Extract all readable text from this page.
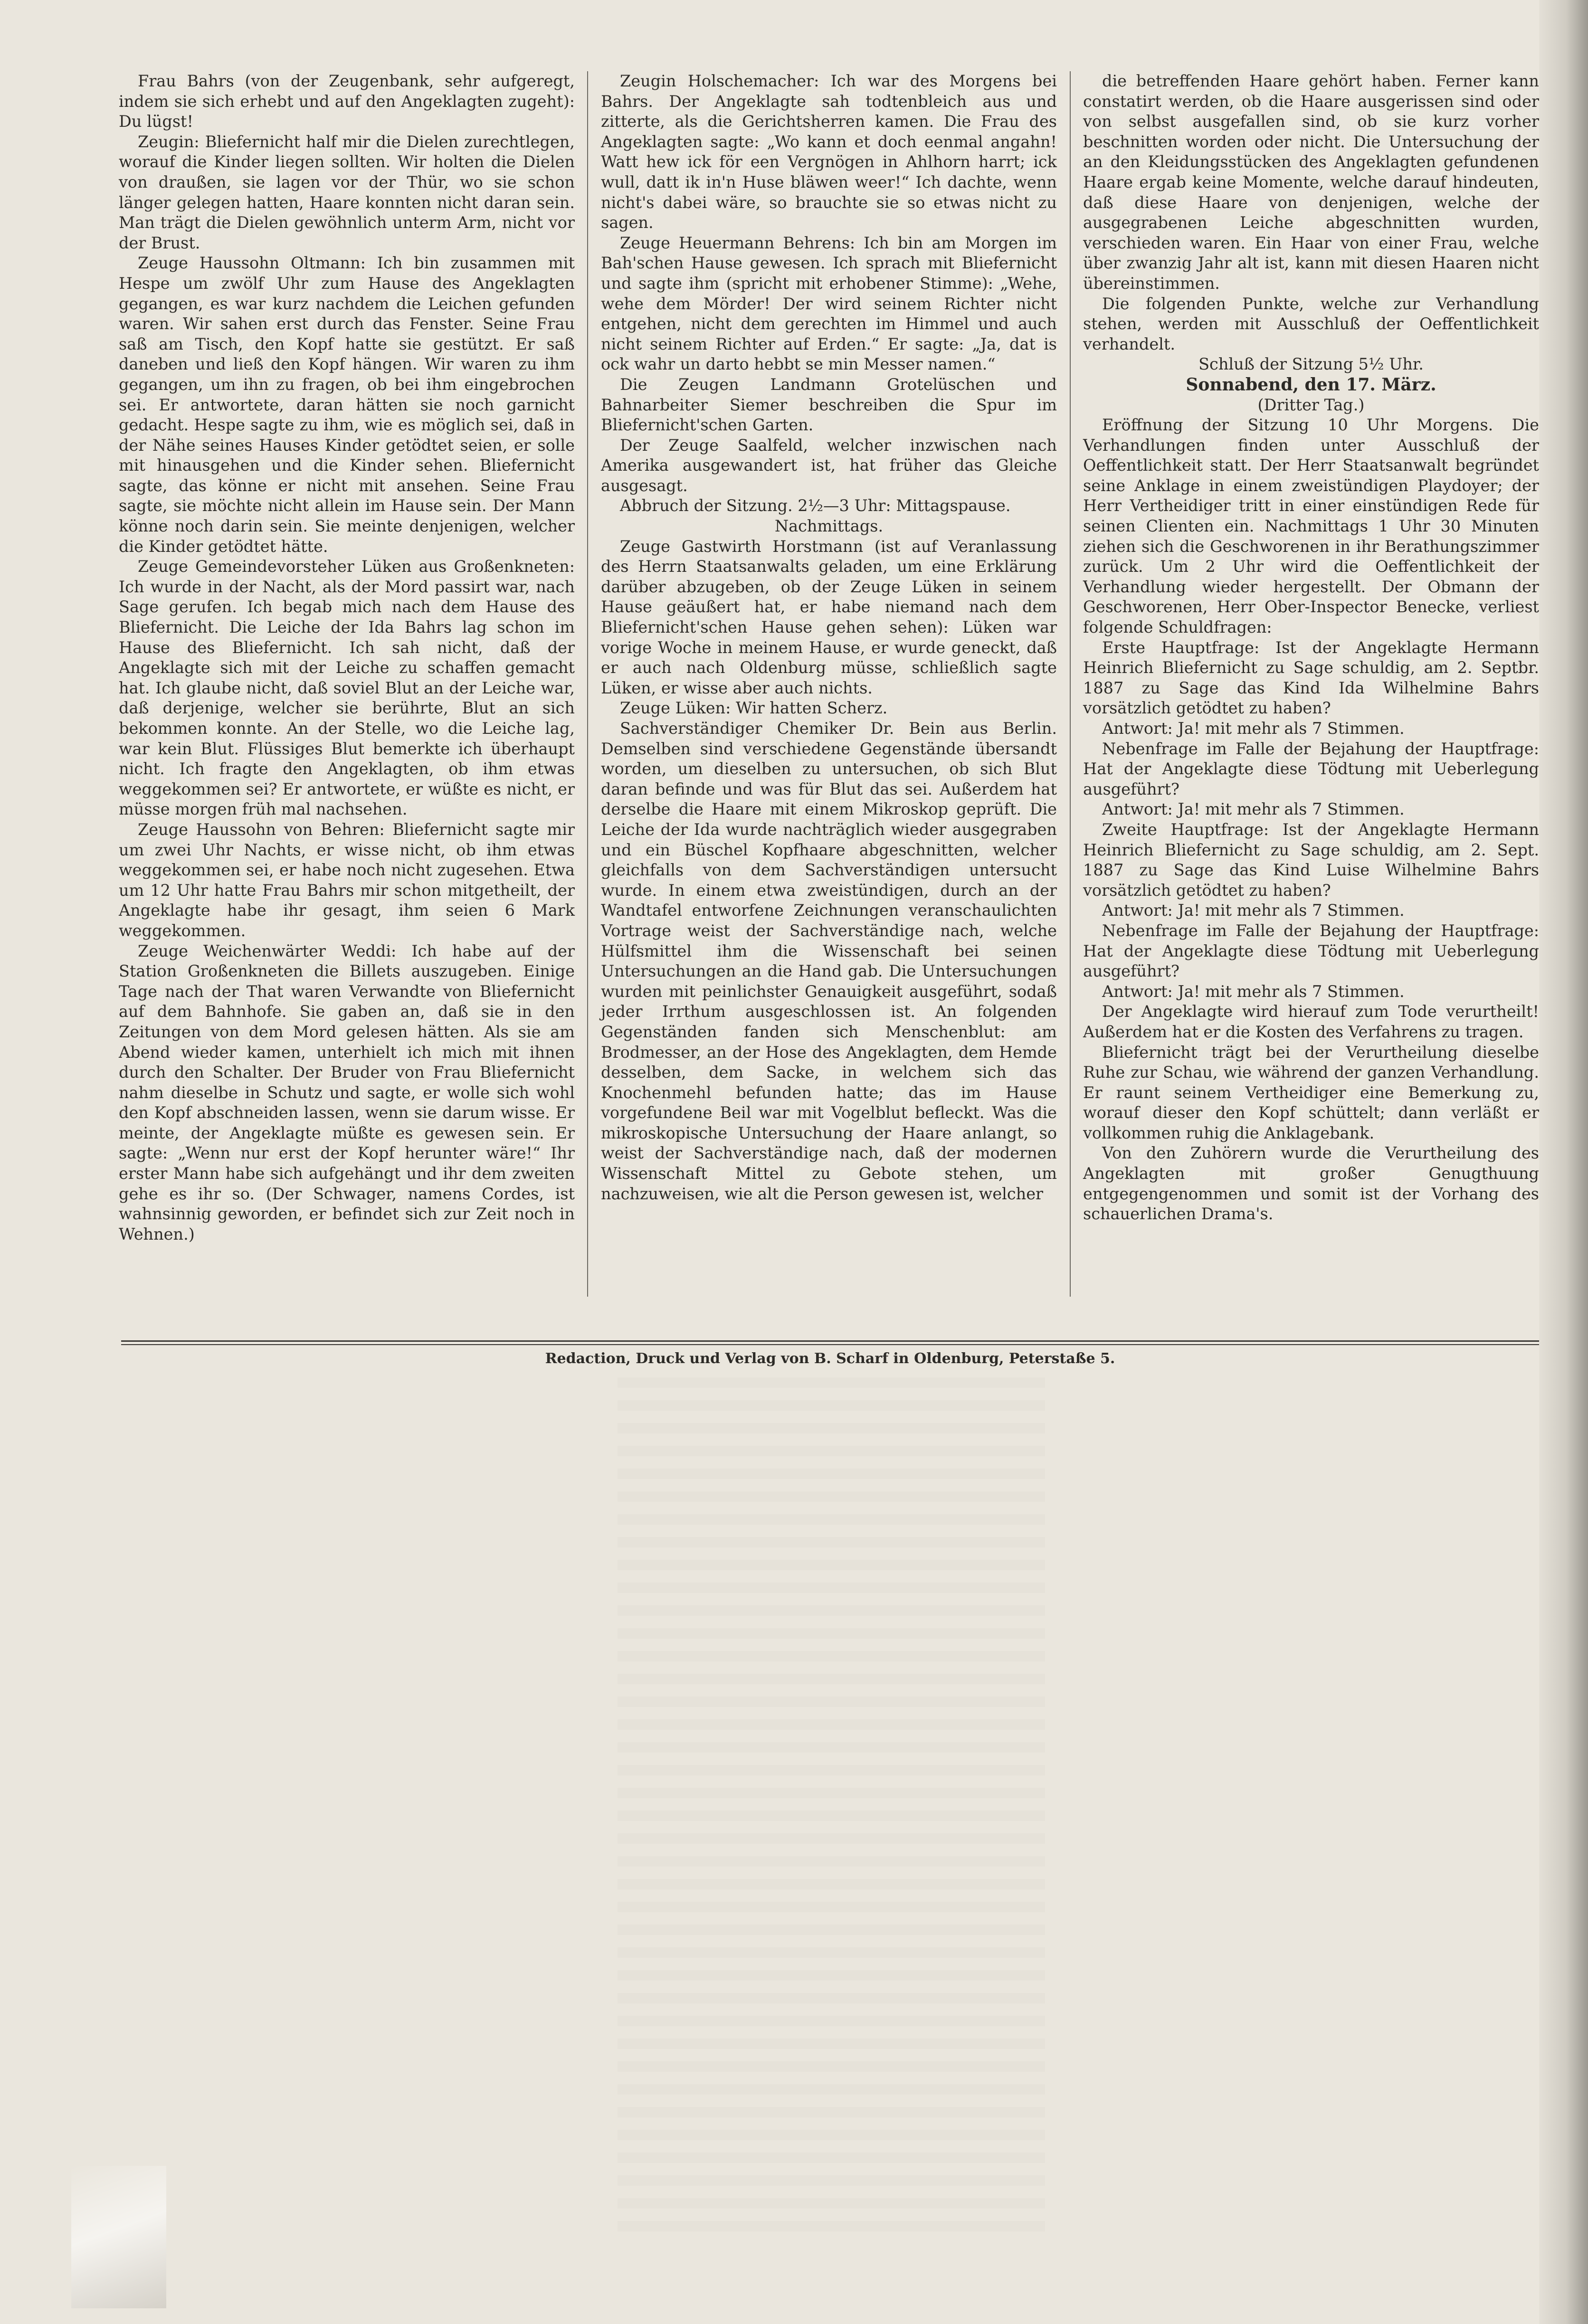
Frau Bahrs (von der Zeugenbank, sehr aufgeregt, indem sie sich erhebt und auf den Angeklagten zugeht): Du lügst!

Zeugin: Bliefernicht half mir die Dielen zurechtlegen, worauf die Kinder liegen sollten. Wir holten die Dielen von draußen, sie lagen vor der Thür, wo sie schon länger gelegen hatten, Haare konnten nicht daran sein. Man trägt die Dielen gewöhnlich unterm Arm, nicht vor der Brust.

Zeuge Haussohn Oltmann: Ich bin zusammen mit Hespe um zwölf Uhr zum Hause des Angeklagten gegangen, es war kurz nachdem die Leichen gefunden waren. Wir sahen erst durch das Fenster. Seine Frau saß am Tisch, den Kopf hatte sie gestützt. Er saß daneben und ließ den Kopf hängen. Wir waren zu ihm gegangen, um ihn zu fragen, ob bei ihm eingebrochen sei. Er antwortete, daran hätten sie noch garnicht gedacht. Hespe sagte zu ihm, wie es möglich sei, daß in der Nähe seines Hauses Kinder getödtet seien, er solle mit hinausgehen und die Kinder sehen. Bliefernicht sagte, das könne er nicht mit ansehen. Seine Frau sagte, sie möchte nicht allein im Hause sein. Der Mann könne noch darin sein. Sie meinte denjenigen, welcher die Kinder getödtet hätte.

Zeuge Gemeindevorsteher Lüken aus Großenkneten: Ich wurde in der Nacht, als der Mord passirt war, nach Sage gerufen. Ich begab mich nach dem Hause des Bliefernicht. Die Leiche der Ida Bahrs lag schon im Hause des Bliefernicht. Ich sah nicht, daß der Angeklagte sich mit der Leiche zu schaffen gemacht hat. Ich glaube nicht, daß soviel Blut an der Leiche war, daß derjenige, welcher sie berührte, Blut an sich bekommen konnte. An der Stelle, wo die Leiche lag, war kein Blut. Flüssiges Blut bemerkte ich überhaupt nicht. Ich fragte den Angeklagten, ob ihm etwas weggekommen sei? Er antwortete, er wüßte es nicht, er müsse morgen früh mal nachsehen.

Zeuge Haussohn von Behren: Bliefernicht sagte mir um zwei Uhr Nachts, er wisse nicht, ob ihm etwas weggekommen sei, er habe noch nicht zugesehen. Etwa um 12 Uhr hatte Frau Bahrs mir schon mitgetheilt, der Angeklagte habe ihr gesagt, ihm seien 6 Mark weggekommen.

Zeuge Weichenwärter Weddi: Ich habe auf der Station Großenkneten die Billets auszugeben. Einige Tage nach der That waren Verwandte von Bliefernicht auf dem Bahnhofe. Sie gaben an, daß sie in den Zeitungen von dem Mord gelesen hätten. Als sie am Abend wieder kamen, unterhielt ich mich mit ihnen durch den Schalter. Der Bruder von Frau Bliefernicht nahm dieselbe in Schutz und sagte, er wolle sich wohl den Kopf abschneiden lassen, wenn sie darum wisse. Er meinte, der Angeklagte müßte es gewesen sein. Er sagte: „Wenn nur erst der Kopf herunter wäre!“ Ihr erster Mann habe sich aufgehängt und ihr dem zweiten gehe es ihr so. (Der Schwager, namens Cordes, ist wahnsinnig geworden, er befindet sich zur Zeit noch in Wehnen.)

Zeugin Holschemacher: Ich war des Morgens bei Bahrs. Der Angeklagte sah todtenbleich aus und zitterte, als die Gerichtsherren kamen. Die Frau des Angeklagten sagte: „Wo kann et doch eenmal angahn! Watt hew ick för een Vergnögen in Ahlhorn harrt; ick wull, datt ik in'n Huse bläwen weer!“ Ich dachte, wenn nicht's dabei wäre, so brauchte sie so etwas nicht zu sagen.

Zeuge Heuermann Behrens: Ich bin am Morgen im Bah'schen Hause gewesen. Ich sprach mit Bliefernicht und sagte ihm (spricht mit erhobener Stimme): „Wehe, wehe dem Mörder! Der wird seinem Richter nicht entgehen, nicht dem gerechten im Himmel und auch nicht seinem Richter auf Erden.“ Er sagte: „Ja, dat is ock wahr un darto hebbt se min Messer namen.“

Die Zeugen Landmann Grotelüschen und Bahnarbeiter Siemer beschreiben die Spur im Bliefernicht'schen Garten.

Der Zeuge Saalfeld, welcher inzwischen nach Amerika ausgewandert ist, hat früher das Gleiche ausgesagt.

Abbruch der Sitzung. 2½—3 Uhr: Mittagspause.

Nachmittags.

Zeuge Gastwirth Horstmann (ist auf Veranlassung des Herrn Staatsanwalts geladen, um eine Erklärung darüber abzugeben, ob der Zeuge Lüken in seinem Hause geäußert hat, er habe niemand nach dem Bliefernicht'schen Hause gehen sehen): Lüken war vorige Woche in meinem Hause, er wurde geneckt, daß er auch nach Oldenburg müsse, schließlich sagte Lüken, er wisse aber auch nichts.

Zeuge Lüken: Wir hatten Scherz.

Sachverständiger Chemiker Dr. Bein aus Berlin. Demselben sind verschiedene Gegenstände übersandt worden, um dieselben zu untersuchen, ob sich Blut daran befinde und was für Blut das sei. Außerdem hat derselbe die Haare mit einem Mikroskop geprüft. Die Leiche der Ida wurde nachträglich wieder ausgegraben und ein Büschel Kopfhaare abgeschnitten, welcher gleichfalls von dem Sachverständigen untersucht wurde. In einem etwa zweistündigen, durch an der Wandtafel entworfene Zeichnungen veranschaulichten Vortrage weist der Sachverständige nach, welche Hülfsmittel ihm die Wissenschaft bei seinen Untersuchungen an die Hand gab. Die Untersuchungen wurden mit peinlichster Genauigkeit ausgeführt, sodaß jeder Irrthum ausgeschlossen ist. An folgenden Gegenständen fanden sich Menschenblut: am Brodmesser, an der Hose des Angeklagten, dem Hemde desselben, dem Sacke, in welchem sich das Knochenmehl befunden hatte; das im Hause vorgefundene Beil war mit Vogelblut befleckt. Was die mikroskopische Untersuchung der Haare anlangt, so weist der Sachverständige nach, daß der modernen Wissenschaft Mittel zu Gebote stehen, um nachzuweisen, wie alt die Person gewesen ist, welcher

die betreffenden Haare gehört haben. Ferner kann constatirt werden, ob die Haare ausgerissen sind oder von selbst ausgefallen sind, ob sie kurz vorher beschnitten worden oder nicht. Die Untersuchung der an den Kleidungsstücken des Angeklagten gefundenen Haare ergab keine Momente, welche darauf hindeuten, daß diese Haare von denjenigen, welche der ausgegrabenen Leiche abgeschnitten wurden, verschieden waren. Ein Haar von einer Frau, welche über zwanzig Jahr alt ist, kann mit diesen Haaren nicht übereinstimmen.

Die folgenden Punkte, welche zur Verhandlung stehen, werden mit Ausschluß der Oeffentlichkeit verhandelt.

Schluß der Sitzung 5½ Uhr.

Sonnabend, den 17. März.

(Dritter Tag.)

Eröffnung der Sitzung 10 Uhr Morgens. Die Verhandlungen finden unter Ausschluß der Oeffentlichkeit statt. Der Herr Staatsanwalt begründet seine Anklage in einem zweistündigen Playdoyer; der Herr Vertheidiger tritt in einer einstündigen Rede für seinen Clienten ein. Nachmittags 1 Uhr 30 Minuten ziehen sich die Geschworenen in ihr Berathungszimmer zurück. Um 2 Uhr wird die Oeffentlichkeit der Verhandlung wieder hergestellt. Der Obmann der Geschworenen, Herr Ober-Inspector Benecke, verliest folgende Schuldfragen:

Erste Hauptfrage: Ist der Angeklagte Hermann Heinrich Bliefernicht zu Sage schuldig, am 2. Septbr. 1887 zu Sage das Kind Ida Wilhelmine Bahrs vorsätzlich getödtet zu haben?

Antwort: Ja! mit mehr als 7 Stimmen.

Nebenfrage im Falle der Bejahung der Hauptfrage: Hat der Angeklagte diese Tödtung mit Ueberlegung ausgeführt?

Antwort: Ja! mit mehr als 7 Stimmen.

Zweite Hauptfrage: Ist der Angeklagte Hermann Heinrich Bliefernicht zu Sage schuldig, am 2. Sept. 1887 zu Sage das Kind Luise Wilhelmine Bahrs vorsätzlich getödtet zu haben?

Antwort: Ja! mit mehr als 7 Stimmen.

Nebenfrage im Falle der Bejahung der Hauptfrage: Hat der Angeklagte diese Tödtung mit Ueberlegung ausgeführt?

Antwort: Ja! mit mehr als 7 Stimmen.

Der Angeklagte wird hierauf zum Tode verurtheilt! Außerdem hat er die Kosten des Verfahrens zu tragen.

Bliefernicht trägt bei der Verurtheilung dieselbe Ruhe zur Schau, wie während der ganzen Verhandlung. Er raunt seinem Vertheidiger eine Bemerkung zu, worauf dieser den Kopf schüttelt; dann verläßt er vollkommen ruhig die Anklagebank.

Von den Zuhörern wurde die Verurtheilung des Angeklagten mit großer Genugthuung entgegengenommen und somit ist der Vorhang des schauerlichen Drama's.

Redaction, Druck und Verlag von B. Scharf in Oldenburg, Peterstaße 5.
